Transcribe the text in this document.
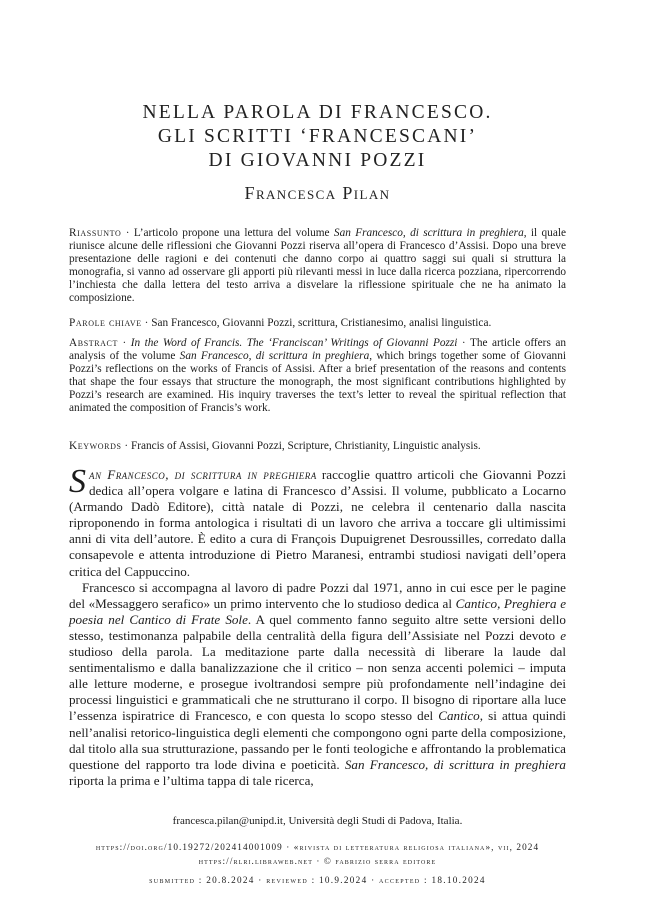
NELLA PAROLA DI FRANCESCO.
GLI SCRITTI ‘FRANCESCANI’
DI GIOVANNI POZZI
Francesca Pilan
Riassunto · L’articolo propone una lettura del volume San Francesco, di scrittura in preghiera, il quale riunisce alcune delle riflessioni che Giovanni Pozzi riserva all’opera di Francesco d’Assisi. Dopo una breve presentazione delle ragioni e dei contenuti che danno corpo ai quattro saggi sui quali si struttura la monografia, si vanno ad osservare gli apporti più rilevanti messi in luce dalla ricerca pozziana, ripercorrendo l’inchiesta che dalla lettera del testo arriva a disvelare la riflessione spirituale che ne ha animato la composizione.
Parole chiave · San Francesco, Giovanni Pozzi, scrittura, Cristianesimo, analisi linguistica.
Abstract · In the Word of Francis. The ‘Franciscan’ Writings of Giovanni Pozzi · The article offers an analysis of the volume San Francesco, di scrittura in preghiera, which brings together some of Giovanni Pozzi’s reflections on the works of Francis of Assisi. After a brief presentation of the reasons and contents that shape the four essays that structure the monograph, the most significant contributions highlighted by Pozzi’s research are examined. His inquiry traverses the text’s letter to reveal the spiritual reflection that animated the composition of Francis’s work.
Keywords · Francis of Assisi, Giovanni Pozzi, Scripture, Christianity, Linguistic analysis.

San Francesco, di scrittura in preghiera raccoglie quattro articoli che Giovanni Pozzi dedica all’opera volgare e latina di Francesco d’Assisi. Il volume, pubblicato a Locarno (Armando Dadò Editore), città natale di Pozzi, ne celebra il centenario dalla nascita riproponendo in forma antologica i risultati di un lavoro che arriva a toccare gli ultimissimi anni di vita dell’autore. È edito a cura di François Dupuigrenet Desroussilles, corredato dalla consapevole e attenta introduzione di Pietro Maranesi, entrambi studiosi navigati dell’opera critica del Cappuccino.

Francesco si accompagna al lavoro di padre Pozzi dal 1971, anno in cui esce per le pagine del «Messaggero serafico» un primo intervento che lo studioso dedica al Cantico, Preghiera e poesia nel Cantico di Frate Sole. A quel commento fanno seguito altre sette versioni dello stesso, testimonanza palpabile della centralità della figura dell’Assisiate nel Pozzi devoto e studioso della parola. La meditazione parte dalla necessità di liberare la laude dal sentimentalismo e dalla banalizzazione che il critico – non senza accenti polemici – imputa alle letture moderne, e prosegue ivoltrandosi sempre più profondamente nell’indagine dei processi linguistici e grammaticali che ne strutturano il corpo. Il bisogno di riportare alla luce l’essenza ispiratrice di Francesco, e con questa lo scopo stesso del Cantico, si attua quindi nell’analisi retorico-linguistica degli elementi che compongono ogni parte della composizione, dal titolo alla sua strutturazione, passando per le fonti teologiche e affrontando la problematica questione del rapporto tra lode divina e poeticità. San Francesco, di scrittura in preghiera riporta la prima e l’ultima tappa di tale ricerca,

francesca.pilan@unipd.it, Università degli Studi di Padova, Italia.
https://doi.org/10.19272/202414001009 · «rivista di letteratura religiosa italiana», vii, 2024
https://rlri.libraweb.net · © fabrizio serra editore
submitted : 20.8.2024 · reviewed : 10.9.2024 · accepted : 18.10.2024
